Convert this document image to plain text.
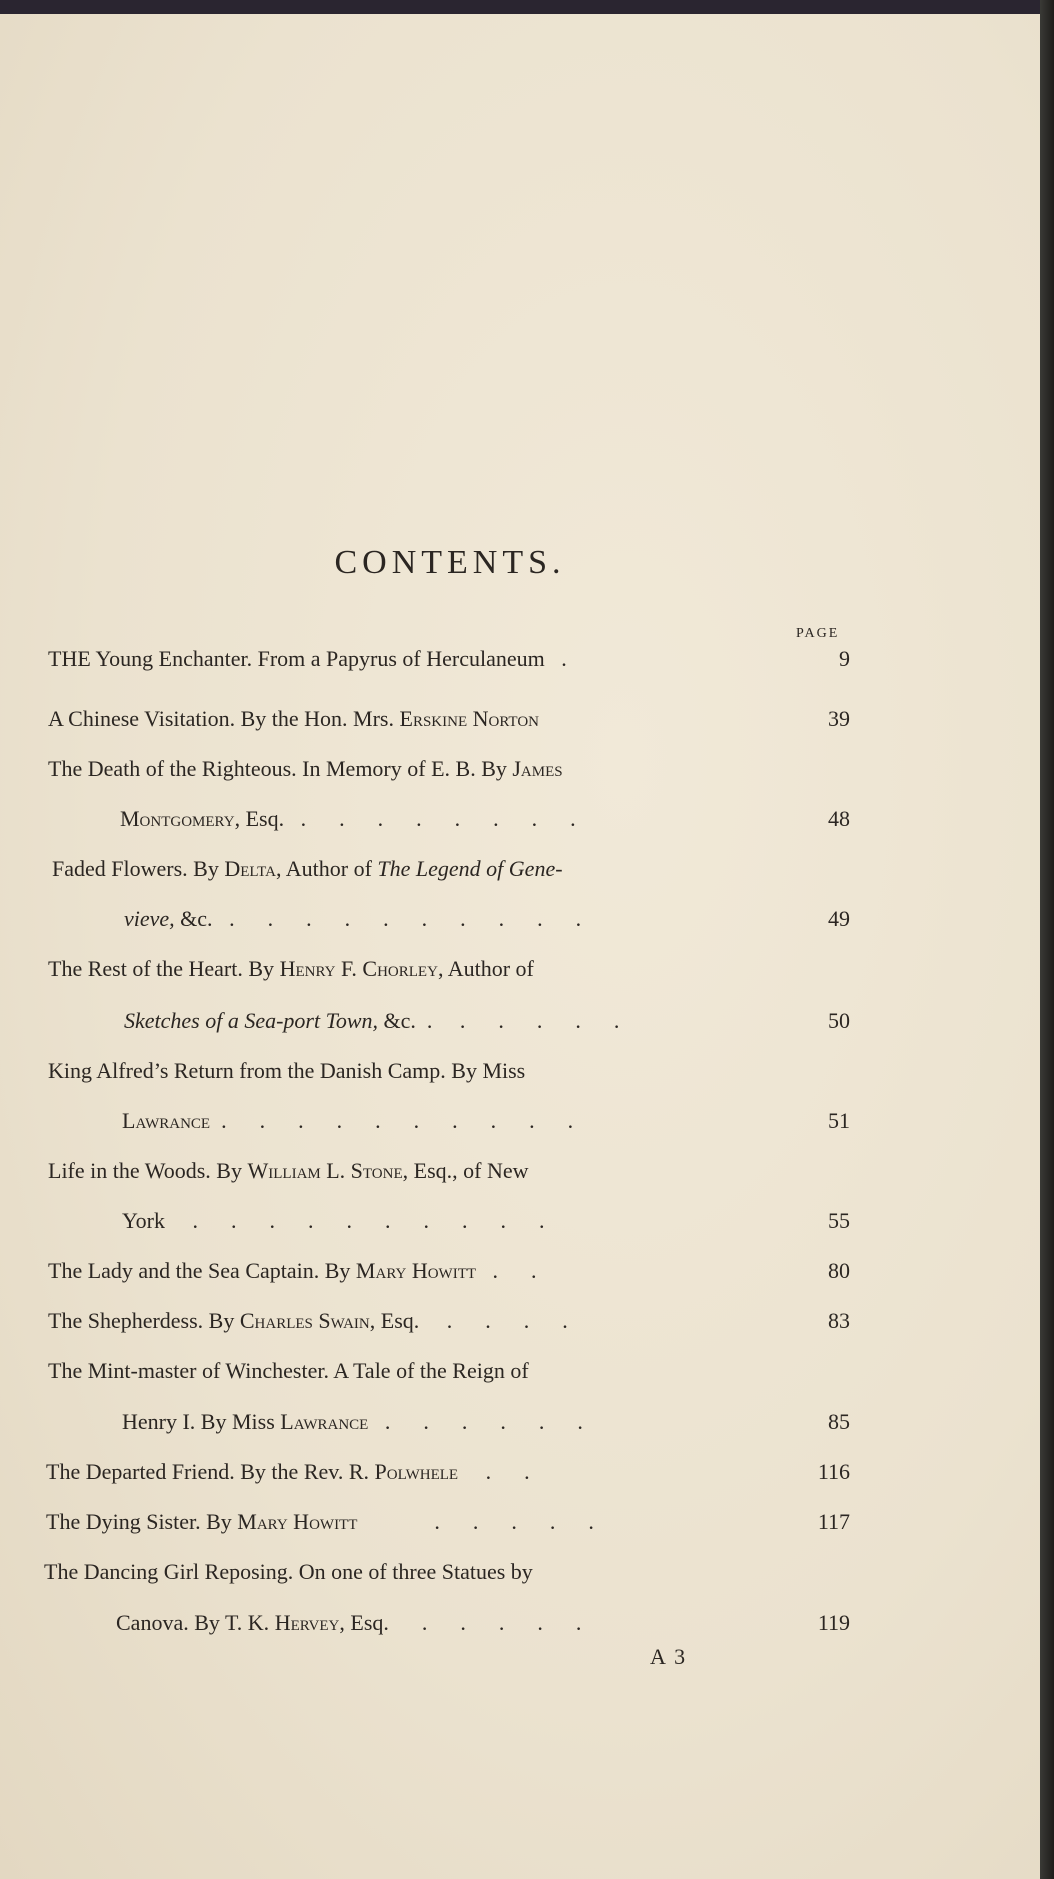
CONTENTS.
PAGE
THE Young Enchanter. From a Papyrus of Herculaneum   .	9
A Chinese Visitation. By the Hon. Mrs. Erskine Norton	39
The Death of the Righteous. In Memory of E. B. By James
Montgomery, Esq.   .      .      .      .      .      .      .      .	48
Faded Flowers. By Delta, Author of The Legend of Gene-
vieve, &c.   .      .      .      .      .      .      .      .      .      .	49
The Rest of the Heart. By Henry F. Chorley, Author of
Sketches of a Sea-port Town, &c.  .     .      .      .      .      .	50
King Alfred’s Return from the Danish Camp. By Miss
Lawrance  .      .      .      .      .      .      .      .      .      .	51
Life in the Woods. By William L. Stone, Esq., of New
York     .      .      .      .      .      .      .      .      .      .	55
The Lady and the Sea Captain. By Mary Howitt   .      .	80
The Shepherdess. By Charles Swain, Esq.     .      .      .      .	83
The Mint-master of Winchester. A Tale of the Reign of
Henry I. By Miss Lawrance   .      .      .      .      .      .	85
The Departed Friend. By the Rev. R. Polwhele     .      .	116
The Dying Sister. By Mary Howitt              .      .      .      .      .	117
The Dancing Girl Reposing. On one of three Statues by
Canova. By T. K. Hervey, Esq.      .      .      .      .      .	119
A 3
